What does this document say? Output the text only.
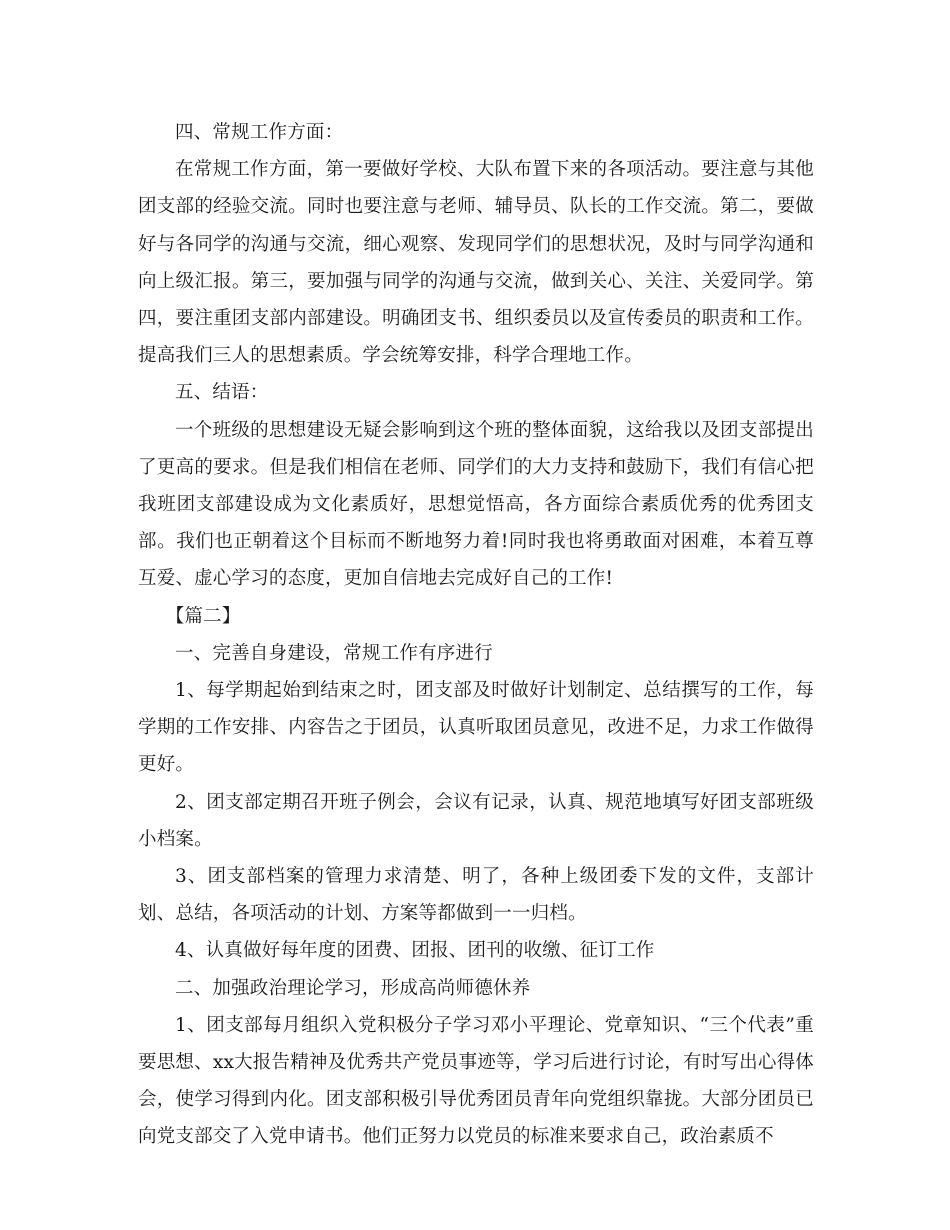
四、常规工作方面：

在常规工作方面，第一要做好学校、大队布置下来的各项活动。要注意与其他团支部的经验交流。同时也要注意与老师、辅导员、队长的工作交流。第二，要做好与各同学的沟通与交流，细心观察、发现同学们的思想状况，及时与同学沟通和向上级汇报。第三，要加强与同学的沟通与交流，做到关心、关注、关爱同学。第四，要注重团支部内部建设。明确团支书、组织委员以及宣传委员的职责和工作。提高我们三人的思想素质。学会统筹安排，科学合理地工作。

五、结语：

一个班级的思想建设无疑会影响到这个班的整体面貌，这给我以及团支部提出了更高的要求。但是我们相信在老师、同学们的大力支持和鼓励下，我们有信心把我班团支部建设成为文化素质好，思想觉悟高，各方面综合素质优秀的优秀团支部。我们也正朝着这个目标而不断地努力着!同时我也将勇敢面对困难，本着互尊互爱、虚心学习的态度，更加自信地去完成好自己的工作!

【篇二】

一、完善自身建设，常规工作有序进行

1、每学期起始到结束之时，团支部及时做好计划制定、总结撰写的工作，每学期的工作安排、内容告之于团员，认真听取团员意见，改进不足，力求工作做得更好。

2、团支部定期召开班子例会，会议有记录，认真、规范地填写好团支部班级小档案。

3、团支部档案的管理力求清楚、明了，各种上级团委下发的文件，支部计划、总结，各项活动的计划、方案等都做到一一归档。

4、认真做好每年度的团费、团报、团刊的收缴、征订工作

二、加强政治理论学习，形成高尚师德休养

1、团支部每月组织入党积极分子学习邓小平理论、党章知识、“三个代表”重要思想、xx大报告精神及优秀共产党员事迹等，学习后进行讨论，有时写出心得体会，使学习得到内化。团支部积极引导优秀团员青年向党组织靠拢。大部分团员已向党支部交了入党申请书。他们正努力以党员的标准来要求自己，政治素质不
